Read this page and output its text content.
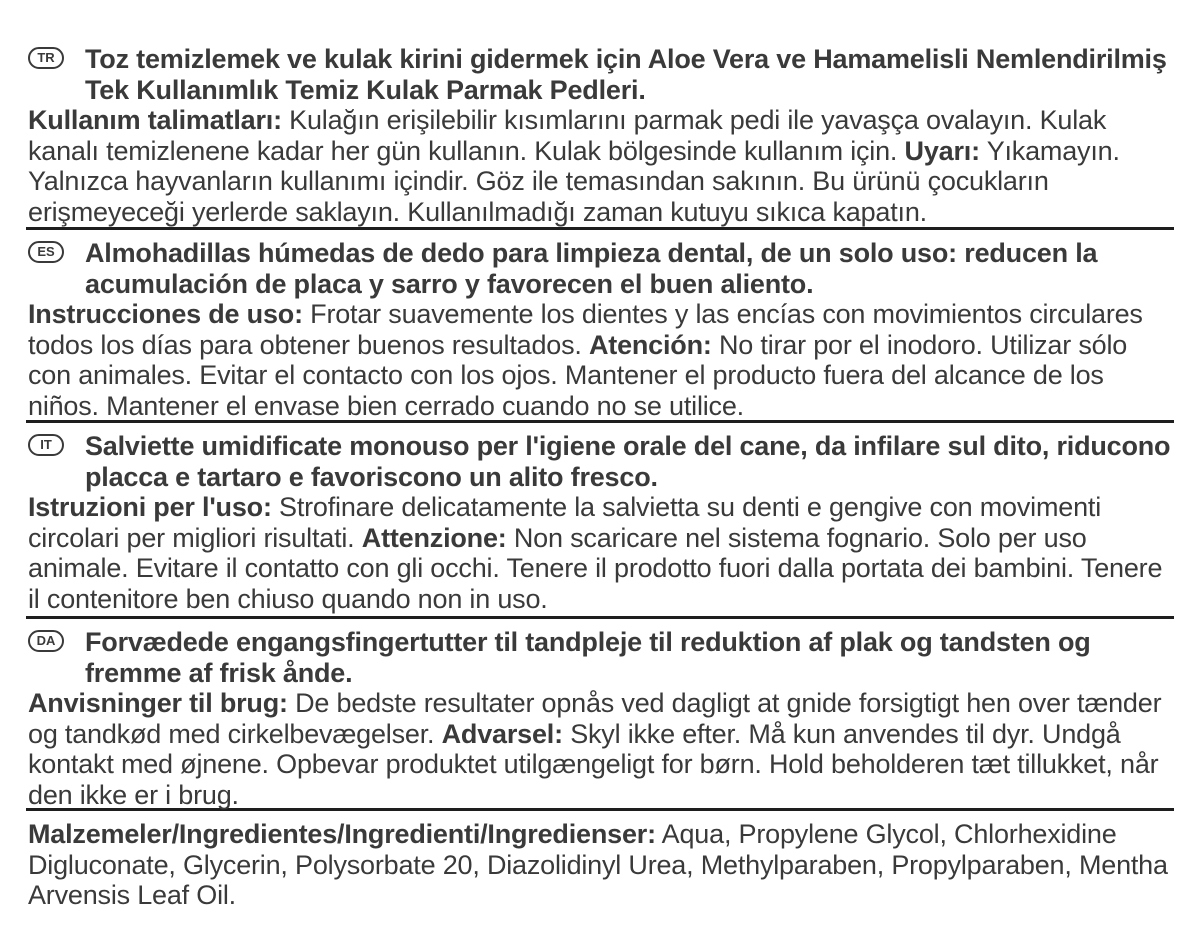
TR	Toz temizlemek ve kulak kirini gidermek için Aloe Vera ve Hamamelisli Nemlendirilmiş Tek Kullanımlık Temiz Kulak Parmak Pedleri.
Kullanım talimatları: Kulağın erişilebilir kısımlarını parmak pedi ile yavaşça ovalayın. Kulak kanalı temizlenene kadar her gün kullanın. Kulak bölgesinde kullanım için. Uyarı: Yıkamayın. Yalnızca hayvanların kullanımı içindir. Göz ile temasından sakının. Bu ürünü çocukların erişmeyeceği yerlerde saklayın. Kullanılmadığı zaman kutuyu sıkıca kapatın.
ES	Almohadillas húmedas de dedo para limpieza dental, de un solo uso: reducen la acumulación de placa y sarro y favorecen el buen aliento.
Instrucciones de uso: Frotar suavemente los dientes y las encías con movimientos circulares todos los días para obtener buenos resultados. Atención: No tirar por el inodoro. Utilizar sólo con animales. Evitar el contacto con los ojos. Mantener el producto fuera del alcance de los niños. Mantener el envase bien cerrado cuando no se utilice.
IT	Salviette umidificate monouso per l'igiene orale del cane, da infilare sul dito, riducono placca e tartaro e favoriscono un alito fresco.
Istruzioni per l'uso: Strofinare delicatamente la salvietta su denti e gengive con movimenti circolari per migliori risultati. Attenzione: Non scaricare nel sistema fognario. Solo per uso animale. Evitare il contatto con gli occhi. Tenere il prodotto fuori dalla portata dei bambini. Tenere il contenitore ben chiuso quando non in uso.
DA	Forvædede engangsfingertutter til tandpleje til reduktion af plak og tandsten og fremme af frisk ånde.
Anvisninger til brug: De bedste resultater opnås ved dagligt at gnide forsigtigt hen over tænder og tandkød med cirkelbevægelser. Advarsel: Skyl ikke efter. Må kun anvendes til dyr. Undgå kontakt med øjnene. Opbevar produktet utilgængeligt for børn. Hold beholderen tæt tillukket, når den ikke er i brug.
Malzemeler/Ingredientes/Ingredienti/Ingredienser: Aqua, Propylene Glycol, Chlorhexidine Digluconate, Glycerin, Polysorbate 20, Diazolidinyl Urea, Methylparaben, Propylparaben, Mentha Arvensis Leaf Oil.
